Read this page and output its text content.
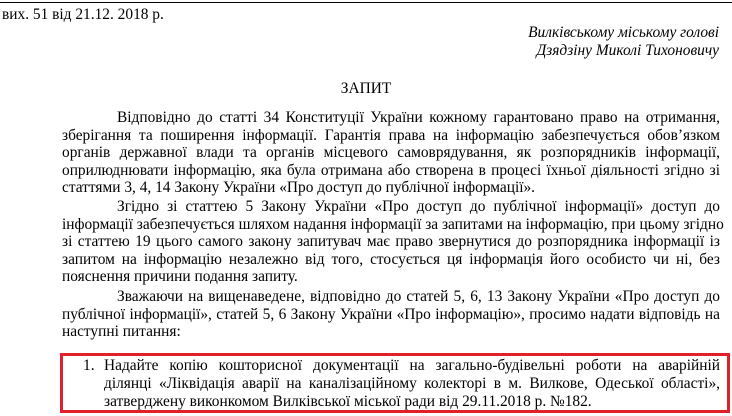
вих. 51 від 21.12. 2018 р.
Вилківському міському голові
Дзядзіну Миколі Тихоновичу
ЗАПИТ
Відповідно до статті 34 Конституції України кожному гарантовано право на отримання,
зберігання та поширення інформації. Гарантія права на інформацію забезпечується обов’язком
органів державної влади та органів місцевого самоврядування, як розпорядників інформації,
оприлюднювати інформацію, яка була отримана або створена в процесі їхньої діяльності згідно зі
статтями 3, 4, 14 Закону України «Про доступ до публічної інформації».
Згідно зі статтею 5 Закону України «Про доступ до публічної інформації» доступ до
інформації забезпечується шляхом надання інформації за запитами на інформацію, при цьому згідно
зі статтею 19 цього самого закону запитувач має право звернутися до розпорядника інформації із
запитом на інформацію незалежно від того, стосується ця інформація його особисто чи ні, без
пояснення причини подання запиту.
Зважаючи на вищенаведене, відповідно до статей 5, 6, 13 Закону України «Про доступ до
публічної інформації», статей 5, 6 Закону України «Про інформацію», просимо надати відповідь на
наступні питання:
1. Надайте копію кошторисної документації на загально-будівельні роботи на аварійній
ділянці «Ліквідація аварії на каналізаційному колекторі в м. Вилкове, Одеської області»,
затверджену виконкомом Вилківської міської ради від 29.11.2018 р. №182.
